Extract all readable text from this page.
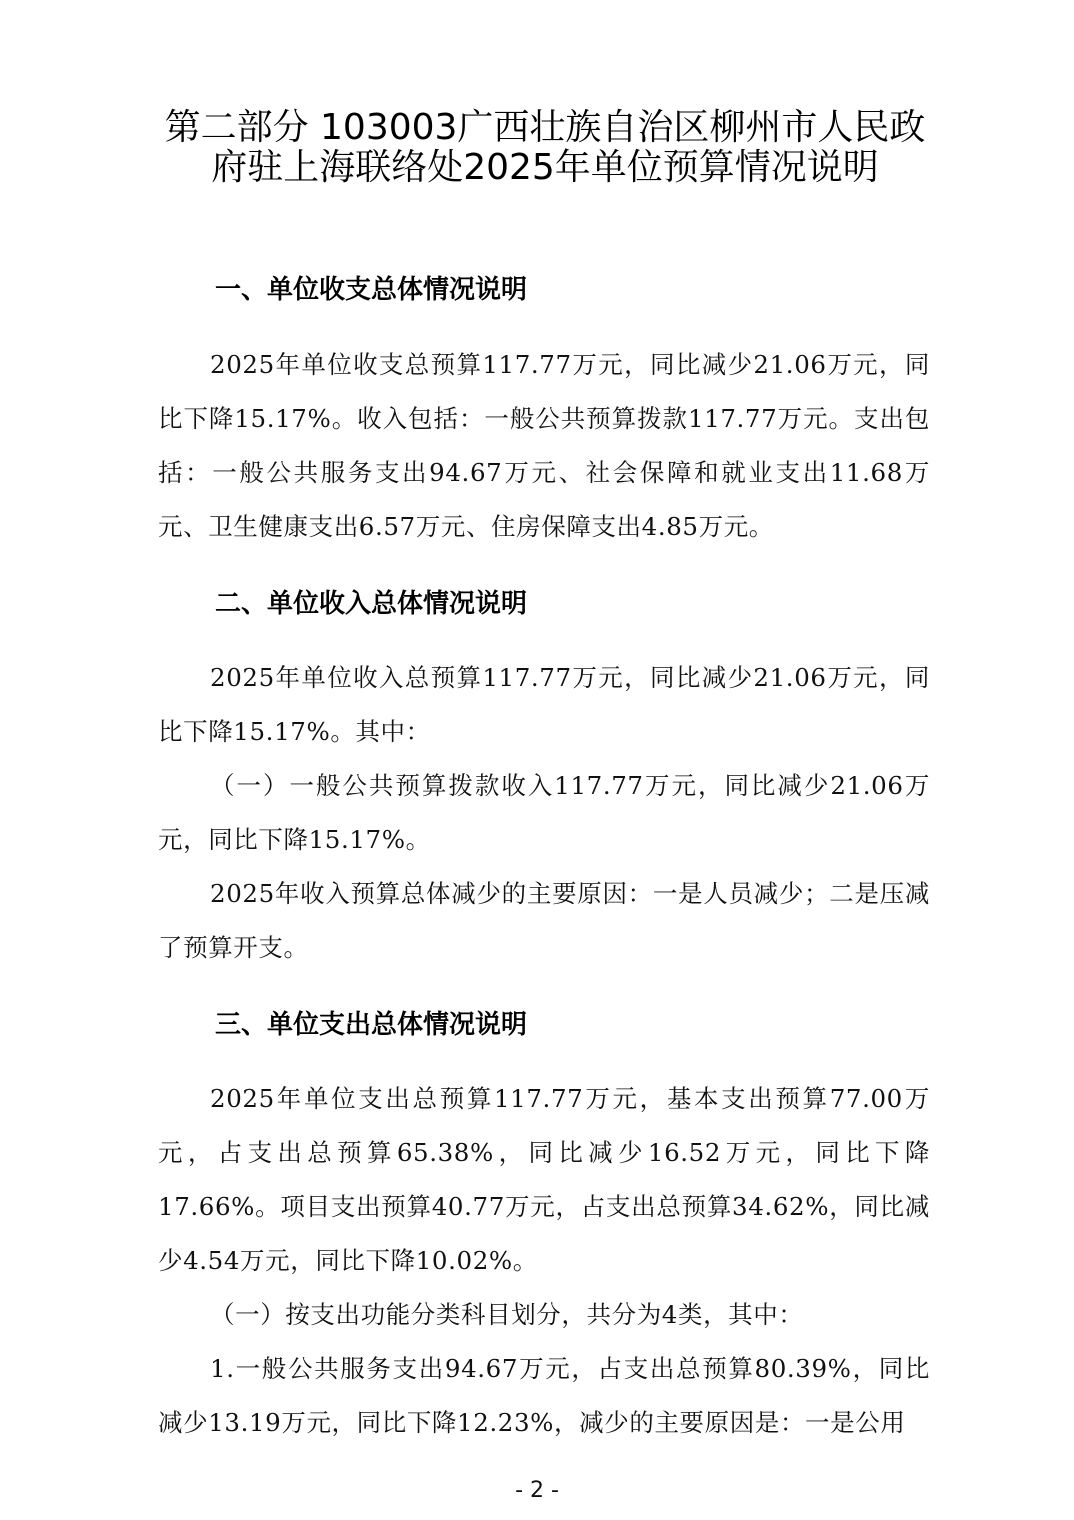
第二部分 103003广西壮族自治区柳州市人民政府驻上海联络处2025年单位预算情况说明
一、单位收支总体情况说明

2025年单位收支总预算117.77万元，同比减少21.06万元，同比下降15.17%。收入包括：一般公共预算拨款117.77万元。支出包括：一般公共服务支出94.67万元、社会保障和就业支出11.68万元、卫生健康支出6.57万元、住房保障支出4.85万元。

二、单位收入总体情况说明

2025年单位收入总预算117.77万元，同比减少21.06万元，同比下降15.17%。其中：

（一）一般公共预算拨款收入117.77万元，同比减少21.06万元，同比下降15.17%。

2025年收入预算总体减少的主要原因：一是人员减少；二是压减了预算开支。

三、单位支出总体情况说明

2025年单位支出总预算117.77万元，基本支出预算77.00万元，占支出总预算65.38%，同比减少16.52万元，同比下降17.66%。项目支出预算40.77万元，占支出总预算34.62%，同比减少4.54万元，同比下降10.02%。

（一）按支出功能分类科目划分，共分为4类，其中：

1.一般公共服务支出94.67万元，占支出总预算80.39%，同比减少13.19万元，同比下降12.23%，减少的主要原因是：一是公用

- 2 -
